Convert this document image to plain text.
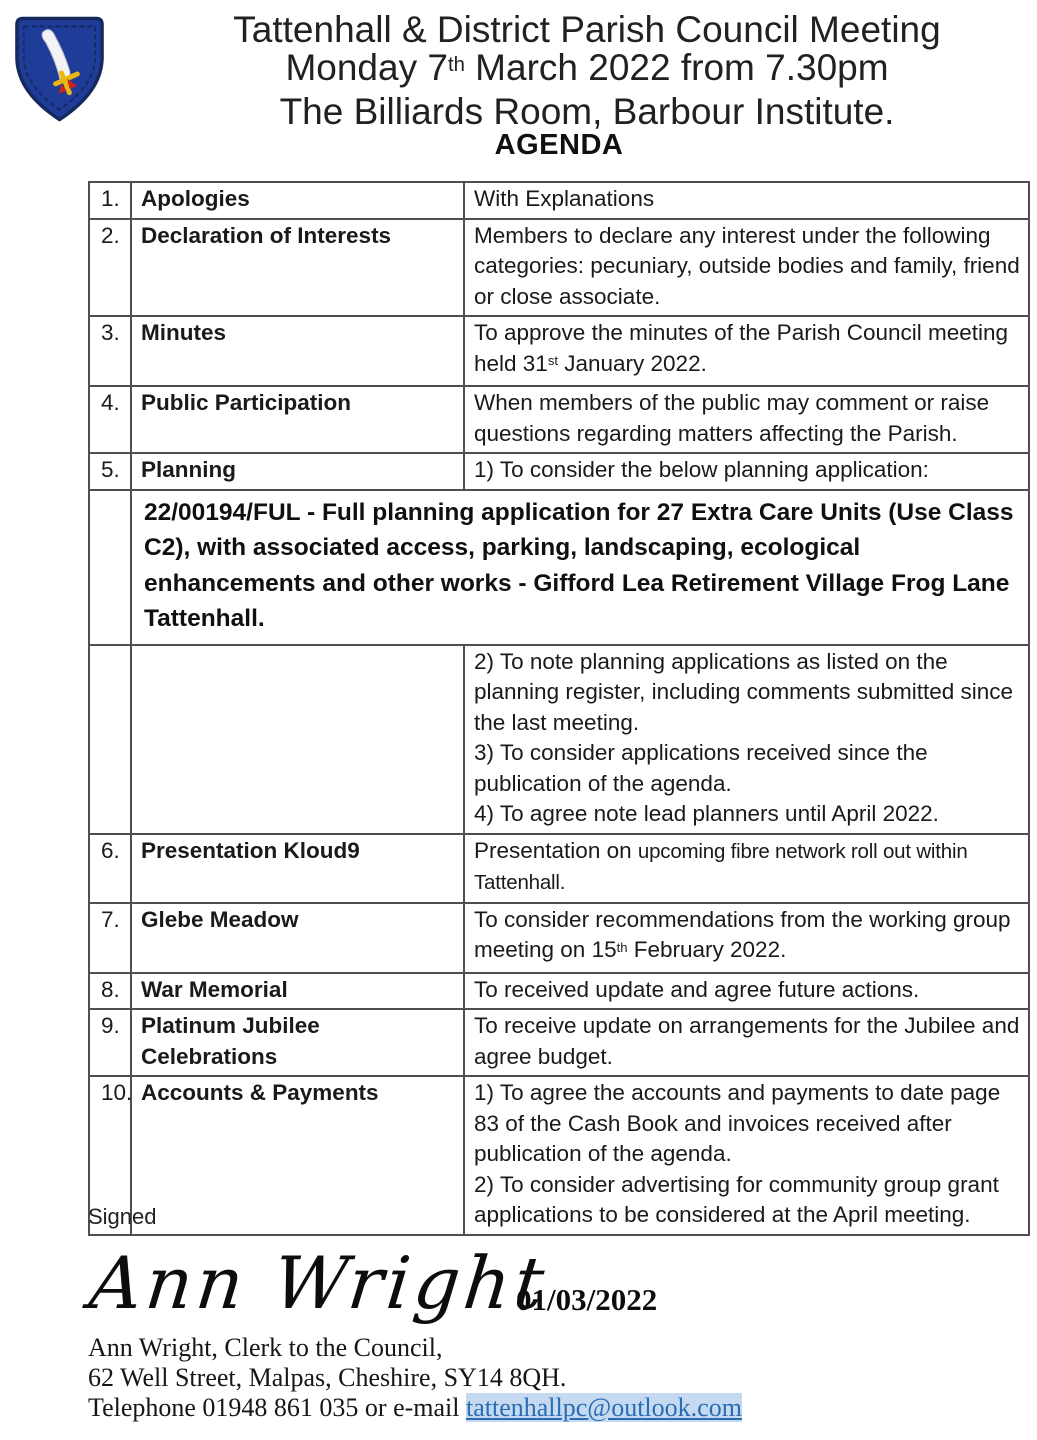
Tattenhall & District Parish Council Meeting
Monday 7th March 2022 from 7.30pm
The Billiards Room, Barbour Institute.
AGENDA
1.	Apologies	With Explanations
2.	Declaration of Interests	Members to declare any interest under the following categories: pecuniary, outside bodies and family, friend or close associate.
3.	Minutes	To approve the minutes of the Parish Council meeting held 31st January 2022.
4.	Public Participation	When members of the public may comment or raise questions regarding matters affecting the Parish.
5.	Planning	1) To consider the below planning application:
	22/00194/FUL - Full planning application for 27 Extra Care Units (Use Class C2), with associated access, parking, landscaping, ecological enhancements and other works - Gifford Lea Retirement Village Frog Lane Tattenhall.	

		2) To note planning applications as listed on the planning register, including comments submitted since the last meeting.
3) To consider applications received since the publication of the agenda.
4) To agree note lead planners until April 2022.

6.	Presentation Kloud9	Presentation on upcoming fibre network roll out within Tattenhall.
7.	Glebe Meadow	To consider recommendations from the working group meeting on 15th February 2022.
8.	War Memorial	To received update and agree future actions.
9.	Platinum Jubilee Celebrations	To receive update on arrangements for the Jubilee and agree budget.
10.	Accounts & Payments	1) To agree the accounts and payments to date page 83 of the Cash Book and invoices received after publication of the agenda.
2) To consider advertising for community group grant applications to be considered at the April meeting.
Signed
Ann Wright
01/03/2022
Ann Wright, Clerk to the Council,
62 Well Street, Malpas, Cheshire, SY14 8QH.
Telephone 01948 861 035 or e-mail tattenhallpc@outlook.com
